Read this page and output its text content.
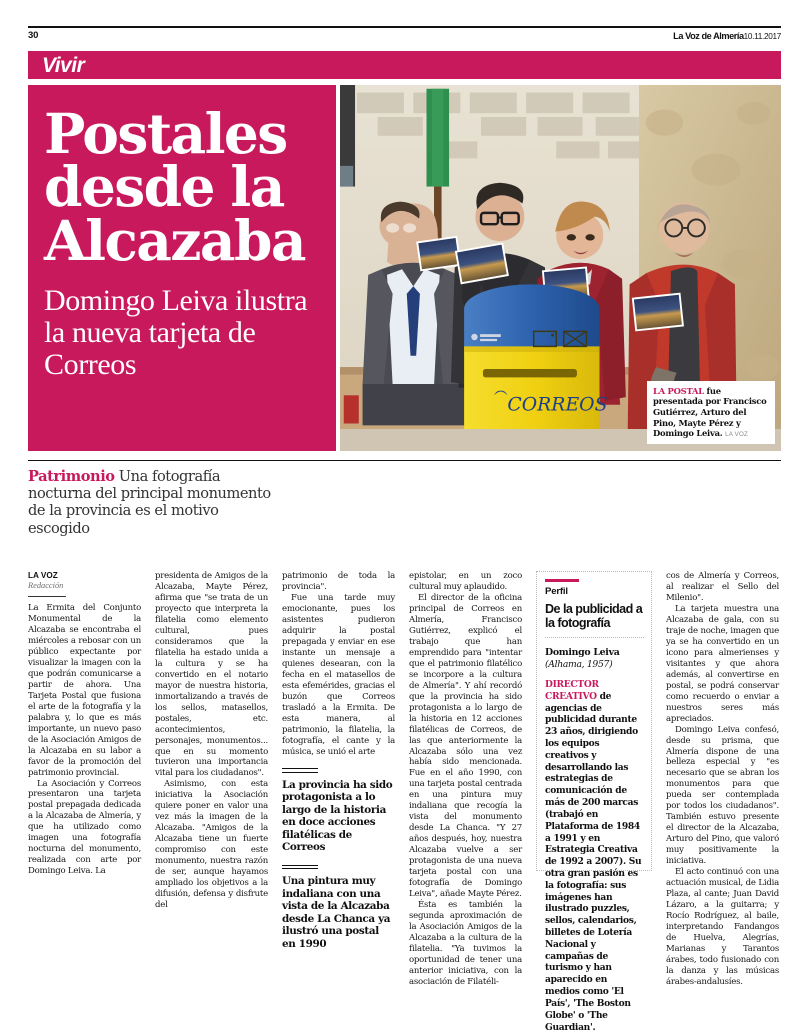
30	La Voz de Almería10.11.2017
Vivir
Postales desde la Alcazaba
Domingo Leiva ilustra la nueva tarjeta de Correos
CORREOS
LA POSTAL fue presentada por Francisco Gutiérrez, Arturo del Pino, Mayte Pérez y Domingo Leiva. LA VOZ

Patrimonio Una fotografía nocturna del principal monumento de la provincia es el motivo escogido

LA VOZ
Redacción

La Ermita del Conjunto Monumental de la Alcazaba se encontraba el miércoles a rebosar con un público expectante por visualizar la imagen con la que podrán comunicarse a partir de ahora. Una Tarjeta Postal que fusiona el arte de la fotografía y la palabra y, lo que es más importante, un nuevo paso de la Asociación Amigos de la Alcazaba en su labor a favor de la promoción del patrimonio provincial.

La Asociación y Correos presentaron una tarjeta postal prepagada dedicada a la Alcazaba de Almería, y que ha utilizado como imagen una fotografía nocturna del monumento, realizada con arte por Domingo Leiva. La

presidenta de Amigos de la Alcazaba, Mayte Pérez, afirma que "se trata de un proyecto que interpreta la filatelia como elemento cultural, pues consideramos que la filatelia ha estado unida a la cultura y se ha convertido en el notario mayor de nuestra historia, inmortalizando a través de los sellos, matasellos, postales, etc. acontecimientos, personajes, monumentos... que en su momento tuvieron una importancia vital para los ciudadanos".

Asimismo, con esta iniciativa la Asociación quiere poner en valor una vez más la imagen de la Alcazaba. "Amigos de la Alcazaba tiene un fuerte compromiso con este monumento, nuestra razón de ser, aunque hayamos ampliado los objetivos a la difusión, defensa y disfrute del

patrimonio de toda la provincia".

Fue una tarde muy emocionante, pues los asistentes pudieron adquirir la postal prepagada y enviar en ese instante un mensaje a quienes desearan, con la fecha en el matasellos de esta efemérides, gracias el buzón que Correos trasladó a la Ermita. De esta manera, al patrimonio, la filatelia, la fotografía, el cante y la música, se unió el arte

La provincia ha sido protagonista a lo largo de la historia en doce acciones filatélicas de Correos
Una pintura muy indaliana con una vista de la Alcazaba desde La Chanca ya ilustró una postal en 1990

epistolar, en un zoco cultural muy aplaudido.

El director de la oficina principal de Correos en Almería, Francisco Gutiérrez, explicó el trabajo que han emprendido para "intentar que el patrimonio filatélico se incorpore a la cultura de Almería". Y ahí recordó que la provincia ha sido protagonista a lo largo de la historia en 12 acciones filatélicas de Correos, de las que anteriormente la Alcazaba sólo una vez había sido mencionada. Fue en el año 1990, con una tarjeta postal centrada en una pintura muy indaliana que recogía la vista del monumento desde La Chanca. "Y 27 años después, hoy, nuestra Alcazaba vuelve a ser protagonista de una nueva tarjeta postal con una fotografía de Domingo Leiva", añade Mayte Pérez.

Ésta es también la segunda aproximación de la Asociación Amigos de la Alcazaba a la cultura de la filatelia. "Ya tuvimos la oportunidad de tener una anterior iniciativa, con la asociación de Filatéli-

Perfil
De la publicidad a la fotografía
Domingo Leiva
(Alhama, 1957)
DIRECTOR CREATIVO de agencias de publicidad durante 23 años, dirigiendo los equipos creativos y desarrollando las estrategias de comunicación de más de 200 marcas (trabajó en Plataforma de 1984 a 1991 y en Estrategia Creativa de 1992 a 2007). Su otra gran pasión es la fotografía: sus imágenes han ilustrado puzzles, sellos, calendarios, billetes de Lotería Nacional y campañas de turismo y han aparecido en medios como 'El País', 'The Boston Globe' o 'The Guardian'.

cos de Almería y Correos, al realizar el Sello del Milenio".

La tarjeta muestra una Alcazaba de gala, con su traje de noche, imagen que ya se ha convertido en un icono para almerienses y visitantes y que ahora además, al convertirse en postal, se podrá conservar como recuerdo o enviar a nuestros seres más apreciados.

Domingo Leiva confesó, desde su prisma, que Almería dispone de una belleza especial y "es necesario que se abran los monumentos para que pueda ser contemplada por todos los ciudadanos". También estuvo presente el director de la Alcazaba, Arturo del Pino, que valoró muy positivamente la iniciativa.

El acto continuó con una actuación musical, de Lidia Plaza, al cante; Juan David Lázaro, a la guitarra; y Rocío Rodríguez, al baile, interpretando Fandangos de Huelva, Alegrías, Marianas y Tarantos árabes, todo fusionado con la danza y las músicas árabes-andalusíes.
